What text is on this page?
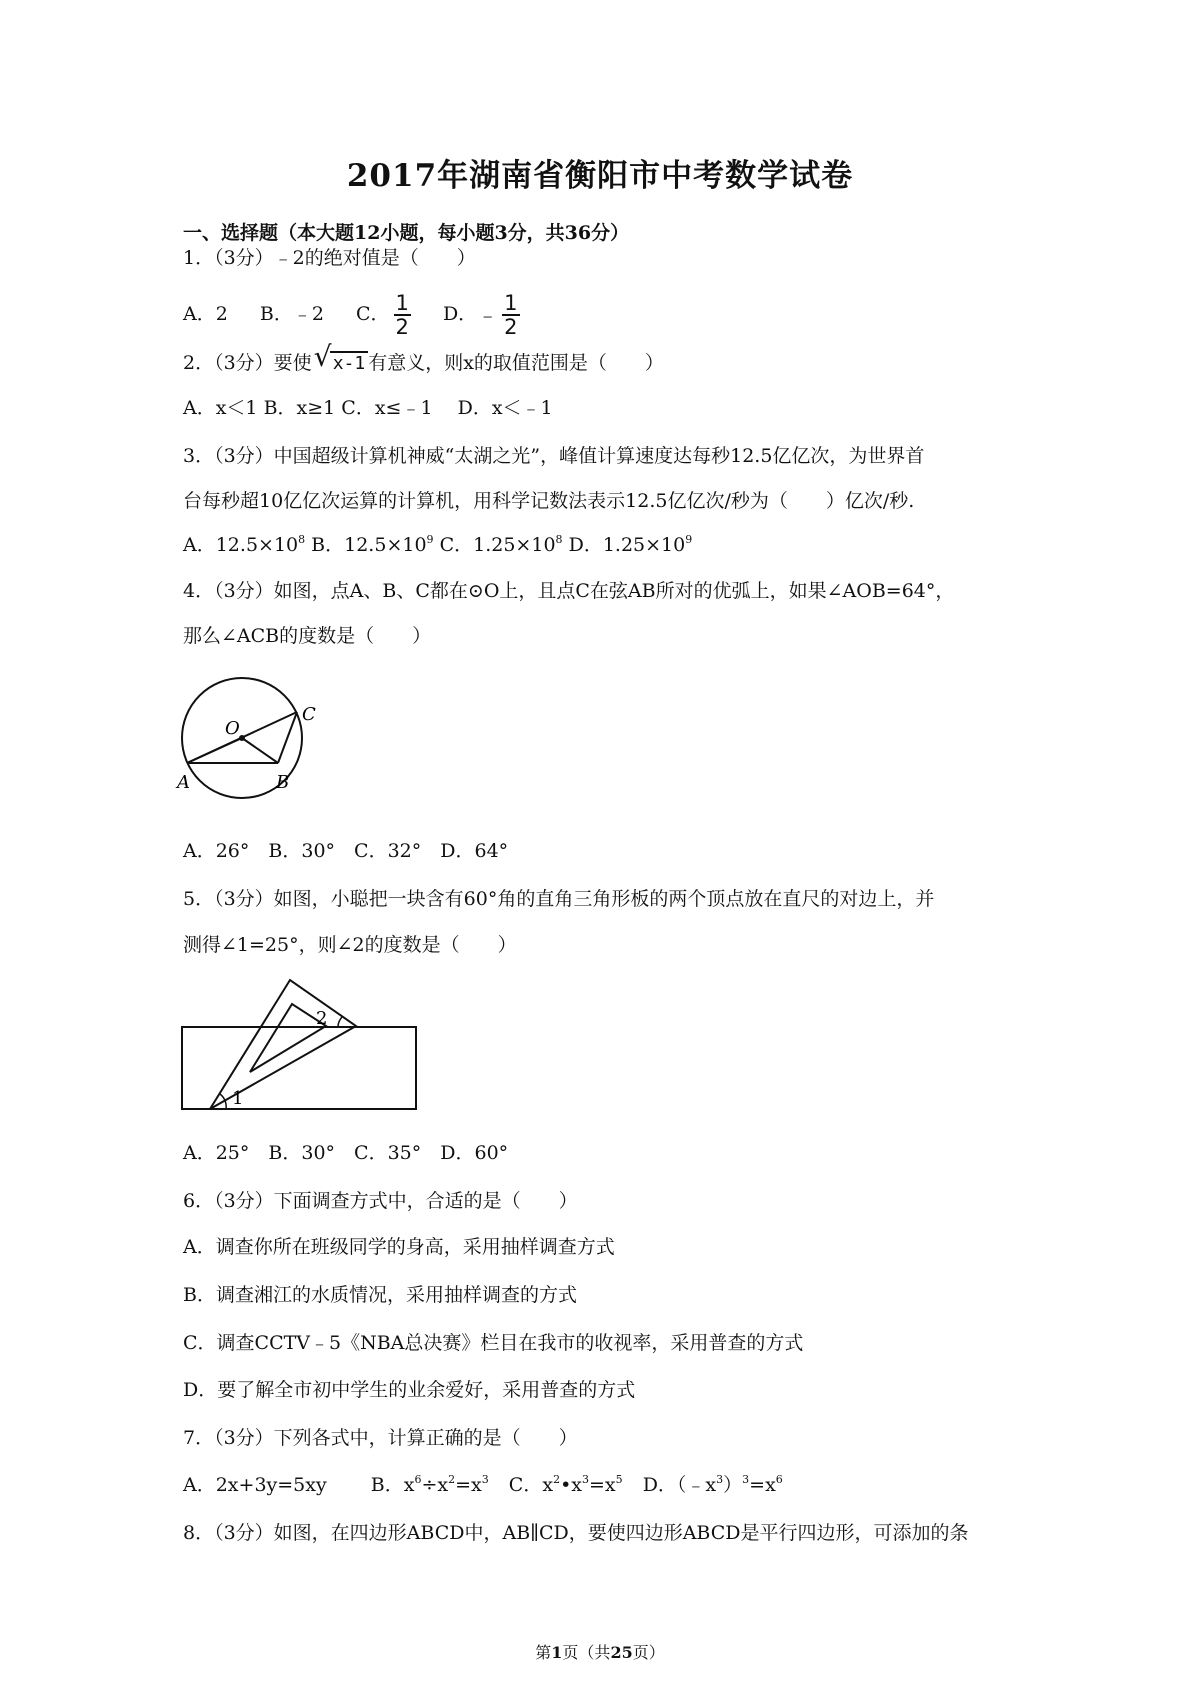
2017年湖南省衡阳市中考数学试卷
一、选择题（本大题12小题，每小题3分，共36分）
1．（3分）﹣2的绝对值是（　　）
A．2 B．﹣2 C． $\frac{1}{2}$ D．﹣ $\frac{1}{2}$
2．（3分）要使 √ x-1 有意义，则x的取值范围是（　　）
A．x＜1 B．x≥1 C．x≤﹣1　 D．x＜﹣1
3．（3分）中国超级计算机神威“太湖之光”，峰值计算速度达每秒12.5亿亿次，为世界首
台每秒超10亿亿次运算的计算机，用科学记数法表示12.5亿亿次/秒为（　　）亿次/秒.
A．$12.5\times 10^8$ B．$12.5\times 10^9$ C．$1.25\times 10^8$ D．$1.25\times 10^9$
4．（3分）如图，点A、B、C都在⊙O上，且点C在弦AB所对的优弧上，如果∠AOB=64°，
那么∠ACB的度数是（　　）
O
A	B
C
A．26°　B．30°　C．32°　D．64°
5．（3分）如图，小聪把一块含有60°角的直角三角形板的两个顶点放在直尺的对边上，并
测得∠1=25°，则∠2的度数是（　　）
1
2
A．25°　B．30°　C．35°　D．60°
6．（3分）下面调查方式中，合适的是（　　）
A．调查你所在班级同学的身高，采用抽样调查方式
B．调查湘江的水质情况，采用抽样调查的方式
C．调查CCTV﹣5《NBA总决赛》栏目在我市的收视率，采用普查的方式
D．要了解全市初中学生的业余爱好，采用普查的方式
7．（3分）下列各式中，计算正确的是（　　）
A．2x+3y=5xy B．$x^6\div x^2=x^3$ C．$x^2•x^3=x^5$ D．$(﹣x^3)^3=x^6$
8．（3分）如图，在四边形ABCD中，AB∥CD，要使四边形ABCD是平行四边形，可添加的条
第1页（共25页）
